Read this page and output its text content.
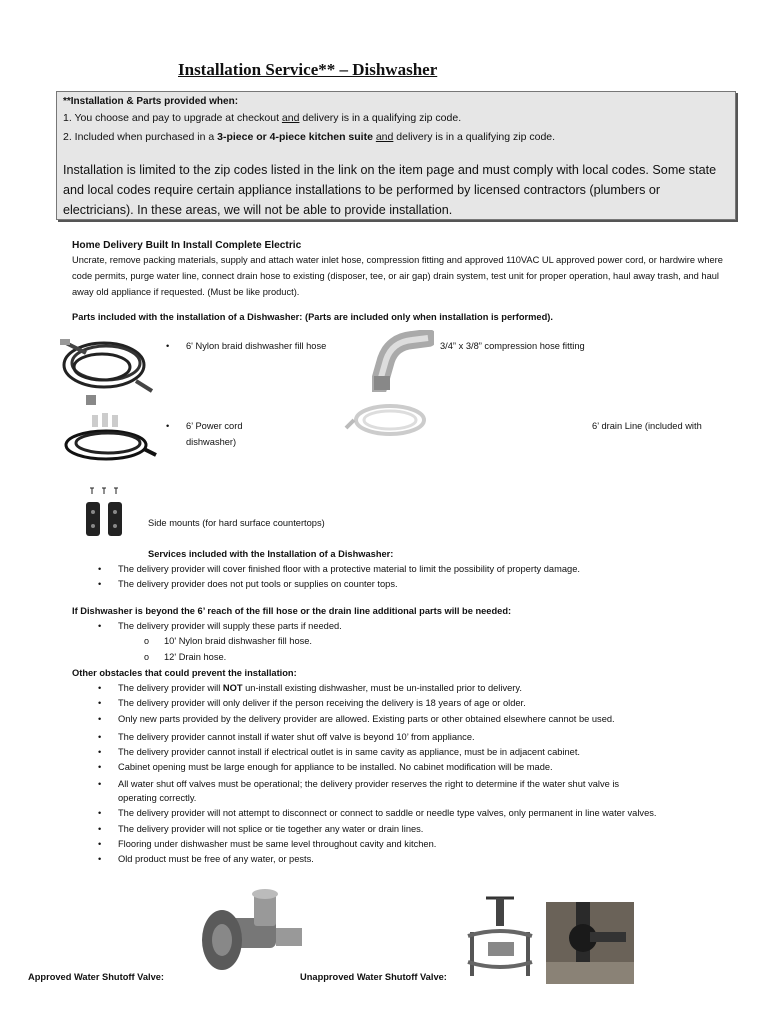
Installation Service** – Dishwasher
**Installation & Parts provided when:
1. You choose and pay to upgrade at checkout and delivery is in a qualifying zip code.
2. Included when purchased in a 3-piece or 4-piece kitchen suite and delivery is in a qualifying zip code.
Installation is limited to the zip codes listed in the link on the item page and must comply with local codes. Some state and local codes require certain appliance installations to be performed by licensed contractors (plumbers or electricians). In these areas, we will not be able to provide installation.
Home Delivery Built In Install Complete Electric
Uncrate, remove packing materials, supply and attach water inlet hose, compression fitting and approved 110VAC UL approved power cord, or hardwire where code permits, purge water line, connect drain hose to existing (disposer, tee, or air gap) drain system, test unit for proper operation, haul away trash, and haul away old appliance if requested. (Must be like product).
Parts included with the installation of a Dishwasher: (Parts are included only when installation is performed).
• 6' Nylon braid dishwasher fill hose	3/4” x 3/8” compression hose fitting
• 6’ Power cord
dishwasher)
6’ drain Line (included with
Side mounts (for hard surface countertops)
Services included with the Installation of a Dishwasher:
• The delivery provider will cover finished floor with a protective material to limit the possibility of property damage.
• The delivery provider does not put tools or supplies on counter tops.
If Dishwasher is beyond the 6’ reach of the fill hose or the drain line additional parts will be needed:
• The delivery provider will supply these parts if needed.
o 10' Nylon braid dishwasher fill hose.
o 12' Drain hose.
Other obstacles that could prevent the installation:
• The delivery provider will NOT un-install existing dishwasher, must be un-installed prior to delivery.
• The delivery provider will only deliver if the person receiving the delivery is 18 years of age or older.
• Only new parts provided by the delivery provider are allowed. Existing parts or other obtained elsewhere cannot be used.
• The delivery provider cannot install if water shut off valve is beyond 10’ from appliance.
• The delivery provider cannot install if electrical outlet is in same cavity as appliance, must be in adjacent cabinet.
• Cabinet opening must be large enough for appliance to be installed. No cabinet modification will be made.
• All water shut off valves must be operational; the delivery provider reserves the right to determine if the water shut valve is
operating correctly.
• The delivery provider will not attempt to disconnect or connect to saddle or needle type valves, only permanent in line water valves.
• The delivery provider will not splice or tie together any water or drain lines.
• Flooring under dishwasher must be same level throughout cavity and kitchen.
• Old product must be free of any water, or pests.
Approved Water Shutoff Valve:	Unapproved Water Shutoff Valve:
